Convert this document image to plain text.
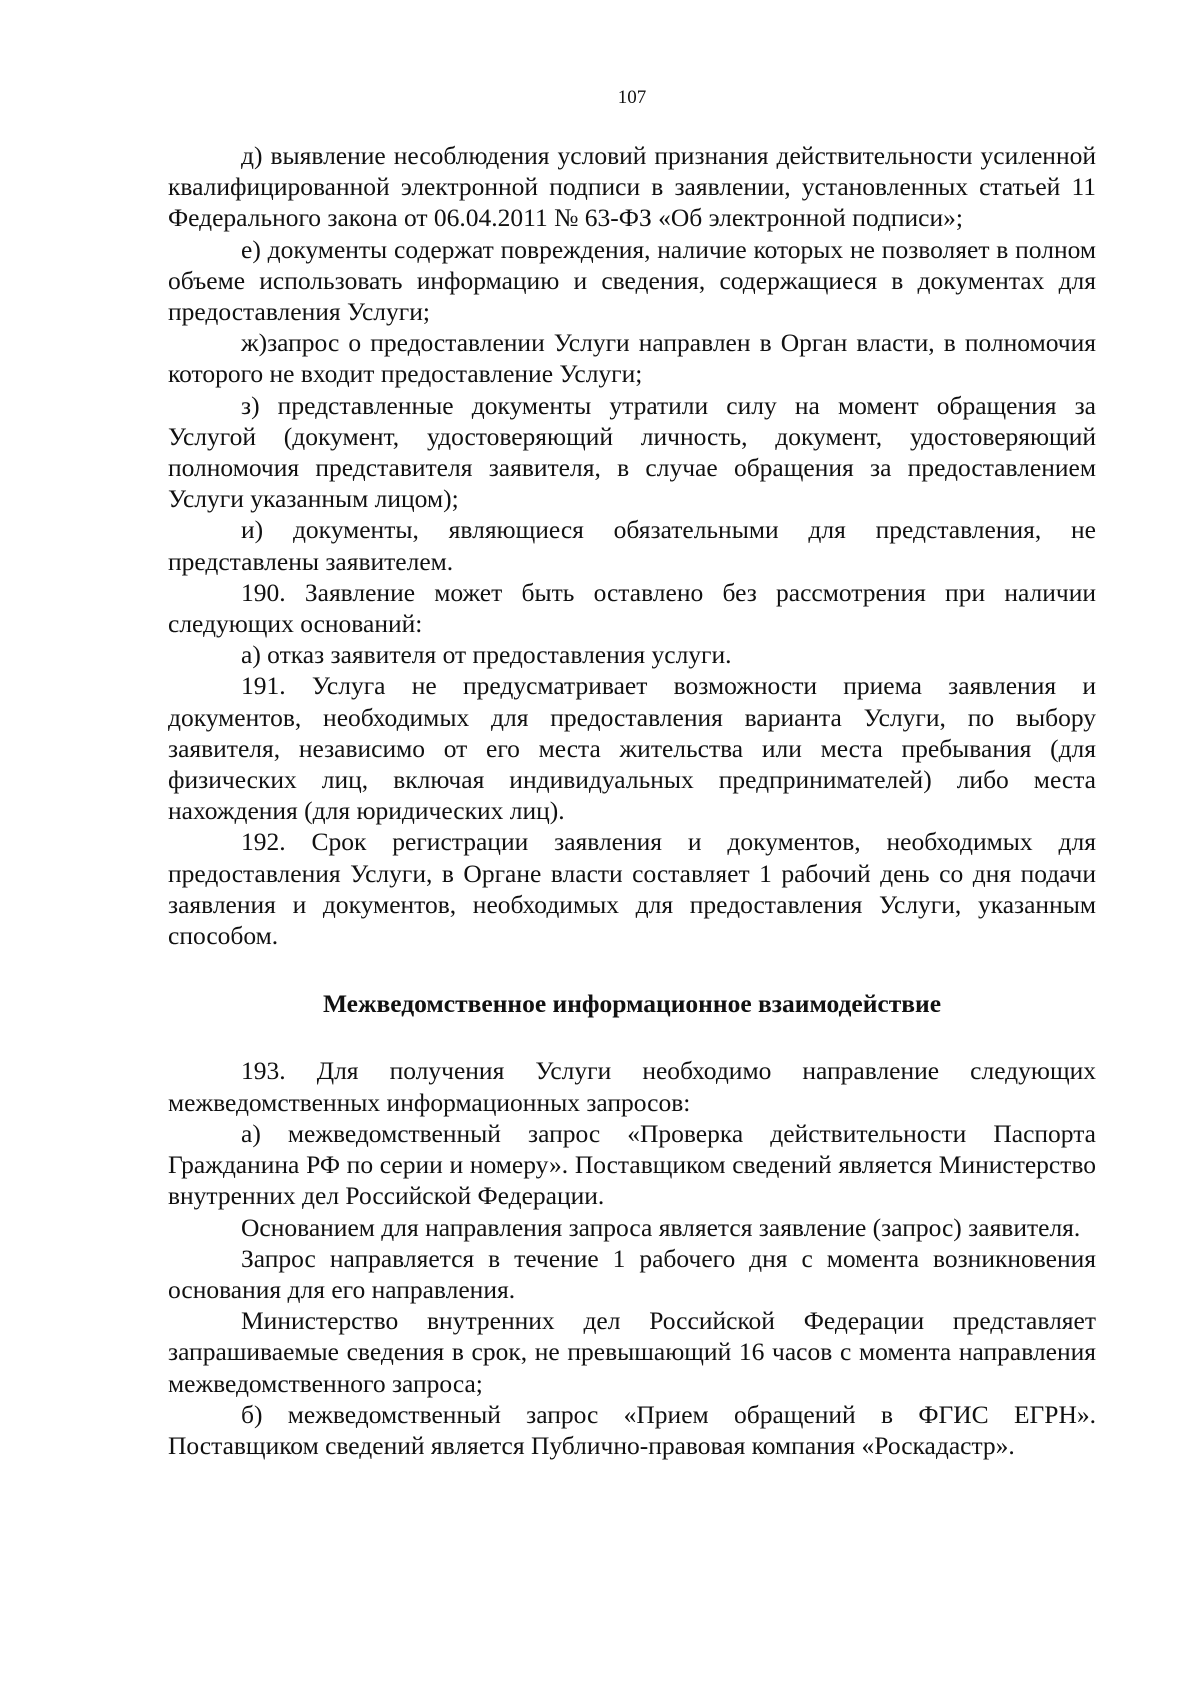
107

д) выявление несоблюдения условий признания действительности усиленной квалифицированной электронной подписи в заявлении, установленных статьей 11 Федерального закона от 06.04.2011 № 63-ФЗ «Об электронной подписи»;

е) документы содержат повреждения, наличие которых не позволяет в полном объеме использовать информацию и сведения, содержащиеся в документах для предоставления Услуги;

ж)запрос о предоставлении Услуги направлен в Орган власти, в полномочия которого не входит предоставление Услуги;

з) представленные документы утратили силу на момент обращения за Услугой (документ, удостоверяющий личность, документ, удостоверяющий полномочия представителя заявителя, в случае обращения за предоставлением Услуги указанным лицом);

и) документы, являющиеся обязательными для представления, не представлены заявителем.

190. Заявление может быть оставлено без рассмотрения при наличии следующих оснований:

а) отказ заявителя от предоставления услуги.

191. Услуга не предусматривает возможности приема заявления и документов, необходимых для предоставления варианта Услуги, по выбору заявителя, независимо от его места жительства или места пребывания (для физических лиц, включая индивидуальных предпринимателей) либо места нахождения (для юридических лиц).

192. Срок регистрации заявления и документов, необходимых для предоставления Услуги, в Органе власти составляет 1 рабочий день со дня подачи заявления и документов, необходимых для предоставления Услуги, указанным способом.

Межведомственное информационное взаимодействие

193. Для получения Услуги необходимо направление следующих межведомственных информационных запросов:

а) межведомственный запрос «Проверка действительности Паспорта Гражданина РФ по серии и номеру». Поставщиком сведений является Министерство внутренних дел Российской Федерации.

Основанием для направления запроса является заявление (запрос) заявителя.

Запрос направляется в течение 1 рабочего дня с момента возникновения основания для его направления.

Министерство внутренних дел Российской Федерации представляет запрашиваемые сведения в срок, не превышающий 16 часов с момента направления межведомственного запроса;

б) межведомственный запрос «Прием обращений в ФГИС ЕГРН». Поставщиком сведений является Публично-правовая компания «Роскадастр».
